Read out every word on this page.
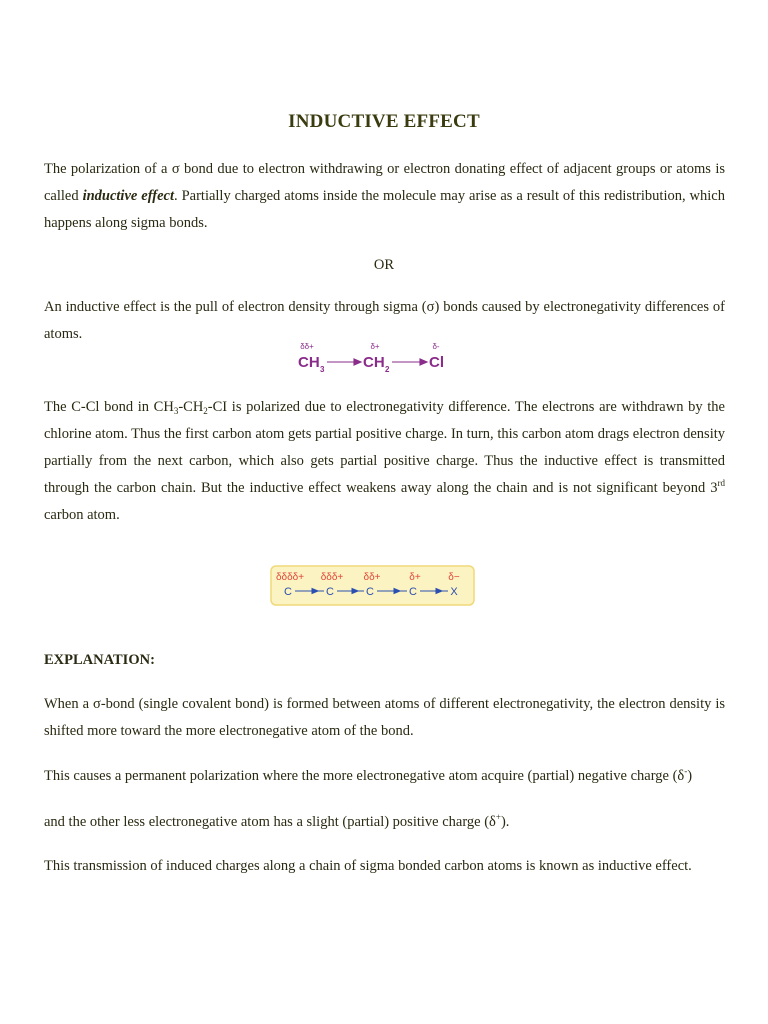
INDUCTIVE EFFECT

The polarization of a σ bond due to electron withdrawing or electron donating effect of adjacent groups or atoms is called inductive effect. Partially charged atoms inside the molecule may arise as a result of this redistribution, which happens along sigma bonds.

OR

An inductive effect is the pull of electron density through sigma (σ) bonds caused by electronegativity differences of atoms.

δδ+	δ+	δ-
CH 3	CH 2	Cl

The C-Cl bond in $CH_3-CH_2-CI$ is polarized due to electronegativity difference. The electrons are withdrawn by the chlorine atom. Thus the first carbon atom gets partial positive charge. In turn, this carbon atom drags electron density partially from the next carbon, which also gets partial positive charge. Thus the inductive effect is transmitted through the carbon chain. But the inductive effect weakens away along the chain and is not significant beyond 3rd carbon atom.

δδδδ+ δδδ+ δδ+	δ+	δ−
C	C	C	C	X
EXPLANATION:

When a σ-bond (single covalent bond) is formed between atoms of different electronegativity, the electron density is shifted more toward the more electronegative atom of the bond.

This causes a permanent polarization where the more electronegative atom acquire (partial) negative charge (δ-)
and the other less electronegative atom has a slight (partial) positive charge (δ+).
This transmission of induced charges along a chain of sigma bonded carbon atoms is known as inductive effect.
